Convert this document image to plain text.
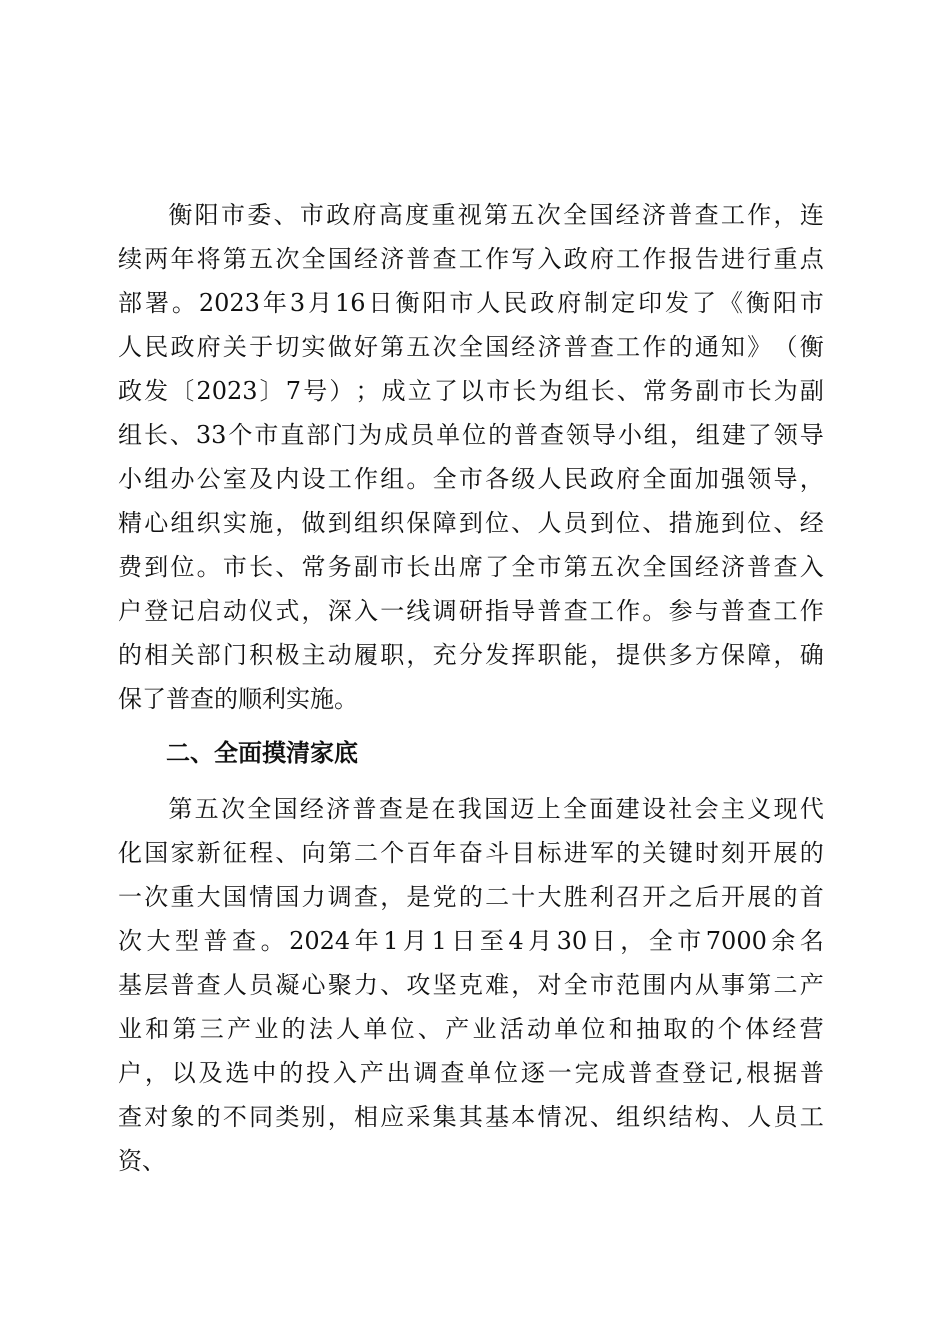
衡 阳 市 委 、 市 政 府 高 度 重 视 第 五 次 全 国 经 济 普 查 工 作 ， 连
续 两 年 将 第 五 次 全 国 经 济 普 查 工 作 写 入 政 府 工 作 报 告 进 行 重 点
部 署 。 2023 年 3 月 16 日 衡 阳 市 人 民 政 府 制 定 印 发 了 《 衡 阳 市
人 民 政 府 关 于 切 实 做 好 第 五 次 全 国 经 济 普 查 工 作 的 通 知 》 （ 衡
政 发 〔 2023 〕 7 号 ） ； 成 立 了 以 市 长 为 组 长 、 常 务 副 市 长 为 副
组 长 、 33 个 市 直 部 门 为 成 员 单 位 的 普 查 领 导 小 组 ， 组 建 了 领 导
小 组 办 公 室 及 内 设 工 作 组 。 全 市 各 级 人 民 政 府 全 面 加 强 领 导 ，
精 心 组 织 实 施 ， 做 到 组 织 保 障 到 位 、 人 员 到 位 、 措 施 到 位 、 经
费 到 位 。 市 长 、 常 务 副 市 长 出 席 了 全 市 第 五 次 全 国 经 济 普 查 入
户 登 记 启 动 仪 式 ， 深 入 一 线 调 研 指 导 普 查 工 作 。 参 与 普 查 工 作
的 相 关 部 门 积 极 主 动 履 职 ， 充 分 发 挥 职 能 ， 提 供 多 方 保 障 ， 确
保了普查的顺利实施。
二、全面摸清家底

第 五 次 全 国 经 济 普 查 是 在 我 国 迈 上 全 面 建 设 社 会 主 义 现 代
化 国 家 新 征 程 、 向 第 二 个 百 年 奋 斗 目 标 进 军 的 关 键 时 刻 开 展 的
一 次 重 大 国 情 国 力 调 查 ， 是 党 的 二 十 大 胜 利 召 开 之 后 开 展 的 首
次 大 型 普 查 。 2024 年 1 月 1 日 至 4 月 30 日 ， 全 市 7000 余 名
基 层 普 查 人 员 凝 心 聚 力 、 攻 坚 克 难 ， 对 全 市 范 围 内 从 事 第 二 产
业 和 第 三 产 业 的 法 人 单 位 、 产 业 活 动 单 位 和 抽 取 的 个 体 经 营
户 ， 以 及 选 中 的 投 入 产 出 调 查 单 位 逐 一 完 成 普 查 登 记 , 根 据 普
查 对 象 的 不 同 类 别 ， 相 应 采 集 其 基 本 情 况 、 组 织 结 构 、 人 员 工
资、
